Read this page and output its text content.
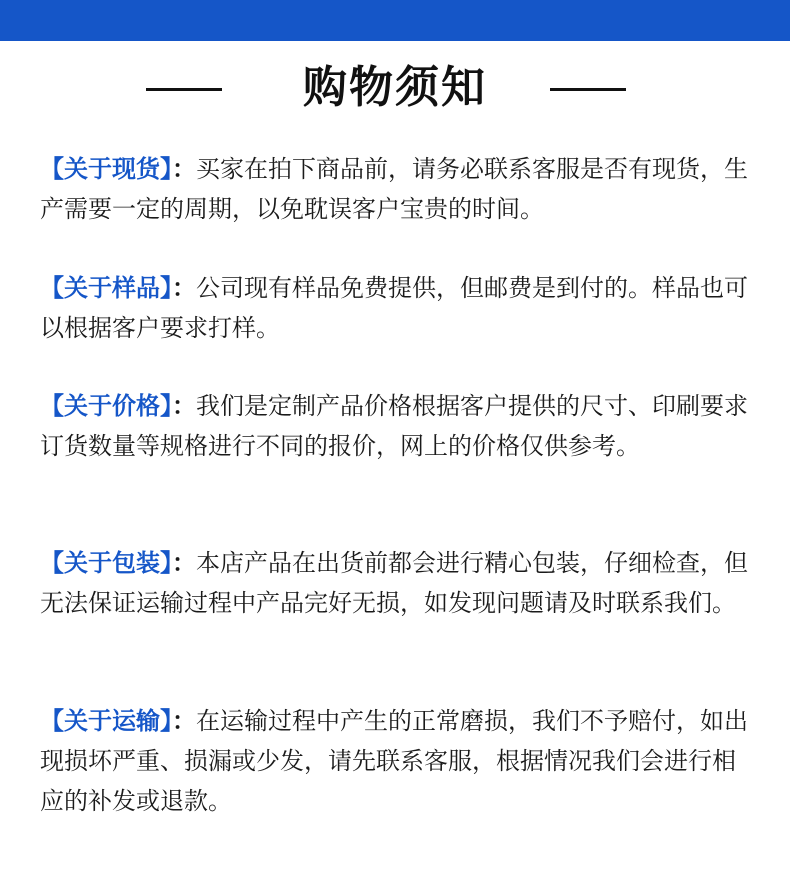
购物须知
【关于现货】：买家在拍下商品前，请务必联系客服是否有现货，生产需要一定的周期，以免耽误客户宝贵的时间。
【关于样品】：公司现有样品免费提供，但邮费是到付的。样品也可以根据客户要求打样。
【关于价格】：我们是定制产品价格根据客户提供的尺寸、印刷要求订货数量等规格进行不同的报价，网上的价格仅供参考。
【关于包装】：本店产品在出货前都会进行精心包装，仔细检查，但无法保证运输过程中产品完好无损，如发现问题请及时联系我们。
【关于运输】：在运输过程中产生的正常磨损，我们不予赔付，如出现损坏严重、损漏或少发，请先联系客服，根据情况我们会进行相应的补发或退款。
